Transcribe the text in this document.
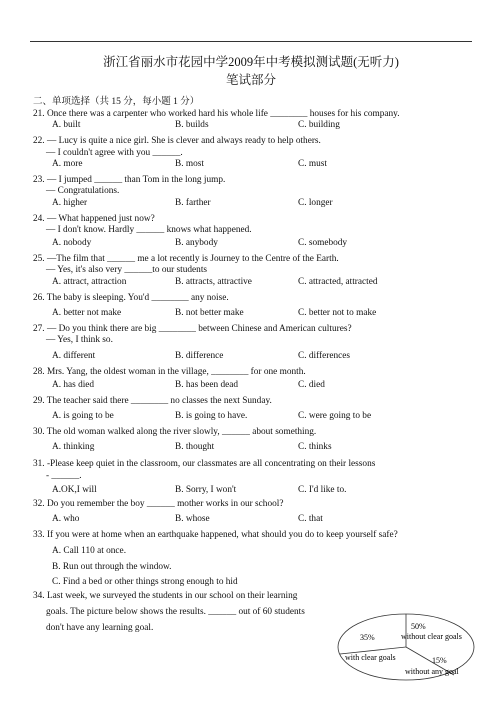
浙江省丽水市花园中学2009年中考模拟测试题(无听力)
笔试部分
二、单项选择（共 15 分，每小题 1 分）
21. Once there was a carpenter who worked hard his whole life ________ houses for his company.
A. built	B. builds	C. building
22. — Lucy is quite a nice girl. She is clever and always ready to help others.
— I couldn't agree with you ______.
A. more	B. most	C. must
23. — I jumped ______ than Tom in the long jump.
— Congratulations.
A. higher	B. farther	C. longer
24. — What happened just now?
— I don't know. Hardly ______ knows what happened.
A. nobody	B. anybody	C. somebody
25. —The film that ______ me a lot recently is Journey to the Centre of the Earth.
— Yes, it's also very ______to our students
A. attract, attraction	B. attracts, attractive	C. attracted, attracted
26. The baby is sleeping. You'd ________ any noise.
A. better not make	B. not better make	C. better not to make
27. — Do you think there are big ________ between Chinese and American cultures?
— Yes, I think so.
A. different	B. difference	C. differences
28. Mrs. Yang, the oldest woman in the village, ________ for one month.
A. has died	B. has been dead	C. died
29. The teacher said there ________ no classes the next Sunday.
A. is going to be	B. is going to have.	C. were going to be
30. The old woman walked along the river slowly, ______ about something.
A. thinking	B. thought	C. thinks
31. -Please keep quiet in the classroom, our classmates are all concentrating on their lessons
- ______.
A.OK,I will	B. Sorry, I won't	C. I'd like to.
32. Do you remember the boy ______ mother works in our school?
A. who	B. whose	C. that
33. If you were at home when an earthquake happened, what should you do to keep yourself safe?
A. Call 110 at once.
B. Run out through the window.
C. Find a bed or other things strong enough to hid
34. Last week, we surveyed the students in our school on their learning
goals. The picture below shows the results. ______ out of 60 students
don't have any learning goal.	50%
without clear goals
35%
with clear goals	15%
without any goal
